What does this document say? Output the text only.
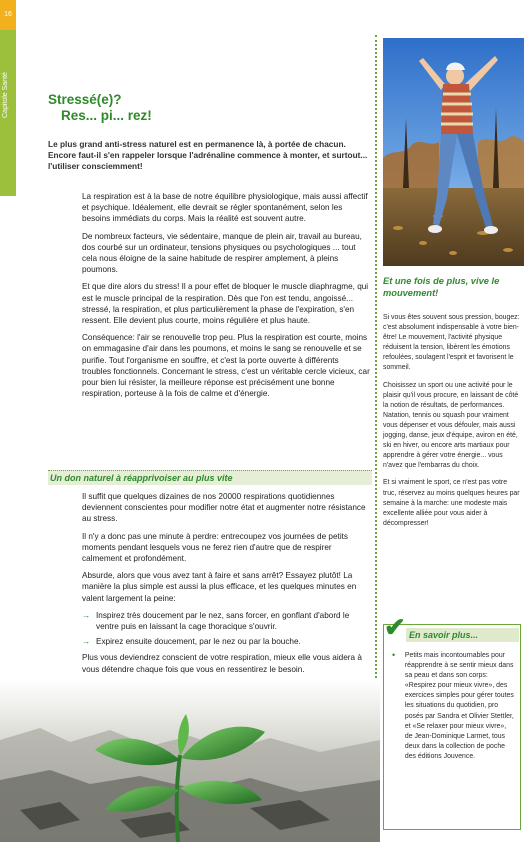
16
Capitole Santé	Stressé(e)?
Res... pi... rez!

Le plus grand anti-stress naturel est en permanence là, à portée de chacun. Encore faut-il s'en rappeler lorsque l'adrénaline commence à monter, et surtout... l'utiliser consciemment!

La respiration est à la base de notre équilibre physiologique, mais aussi affectif et psychique. Idéalement, elle devrait se régler spontanément, selon les besoins immédiats du corps. Mais la réalité est souvent autre.

De nombreux facteurs, vie sédentaire, manque de plein air, travail au bureau, dos courbé sur un ordinateur, tensions physiques ou psychologiques ... tout cela nous éloigne de la saine habitude de respirer amplement, à pleins poumons.

Et que dire alors du stress! Il a pour effet de bloquer le muscle diaphragme, qui est le muscle principal de la respiration. Dès que l'on est tendu, angoissé... stressé, la respiration, et plus particulièrement la phase de l'expiration, s'en ressent. Elle devient plus courte, moins régulière et plus haute.

Conséquence: l'air se renouvelle trop peu. Plus la respiration est courte, moins on emmagasine d'air dans les poumons, et moins le sang se renouvelle et se purifie. Tout l'organisme en souffre, et c'est la porte ouverte à différents troubles fonctionnels. Concernant le stress, c'est un véritable cercle vicieux, car pour bien lui résister, la meilleure réponse est précisément une bonne respiration, porteuse à la fois de calme et d'énergie.

Un don naturel à réapprivoiser au plus vite

Il suffit que quelques dizaines de nos 20000 respirations quotidiennes deviennent conscientes pour modifier notre état et augmenter notre résistance au stress.

Il n'y a donc pas une minute à perdre: entrecoupez vos journées de petits moments pendant lesquels vous ne ferez rien d'autre que de respirer calmement et profondément.

Absurde, alors que vous avez tant à faire et sans arrêt? Essayez plutôt! La manière la plus simple est aussi la plus efficace, et les quelques minutes en valent largement la peine:

→ Inspirez très doucement par le nez, sans forcer, en gonflant d'abord le ventre puis en laissant la cage thoracique s'ouvrir.
→ Expirez ensuite doucement, par le nez ou par la bouche.

Plus vous deviendrez conscient de votre respiration, mieux elle vous aidera à vous détendre chaque fois que vous en ressentirez le besoin.

Et une fois de plus, vive le mouvement!

Si vous êtes souvent sous pression, bougez: c'est absolument indispensable à votre bien-être! Le mouvement, l'activité physique réduisent la tension, libèrent les émotions refoulées, soulagent l'esprit et favorisent le sommeil.

Choisissez un sport ou une activité pour le plaisir qu'il vous procure, en laissant de côté la notion de résultats, de performances. Natation, tennis ou squash pour vraiment vous dépenser et vous défouler, mais aussi jogging, danse, jeux d'équipe, aviron en été, ski en hiver, ou encore arts martiaux pour apprendre à gérer votre énergie... vous n'avez que l'embarras du choix.

Et si vraiment le sport, ce n'est pas votre truc, réservez au moins quelques heures par semaine à la marche: une modeste mais excellente alliée pour vous aider à décompresser!

✔ En savoir plus...

•	Petits mais incontournables pour réapprendre à se sentir mieux dans sa peau et dans son corps: «Respirez pour mieux vivre», des exercices simples pour gérer toutes les situations du quotidien, pro posés par Sandra et Olivier Stettler, et «Se relaxer pour mieux vivre», de Jean-Dominique Larmet, tous deux dans la collection de poche des éditions Jouvence.
